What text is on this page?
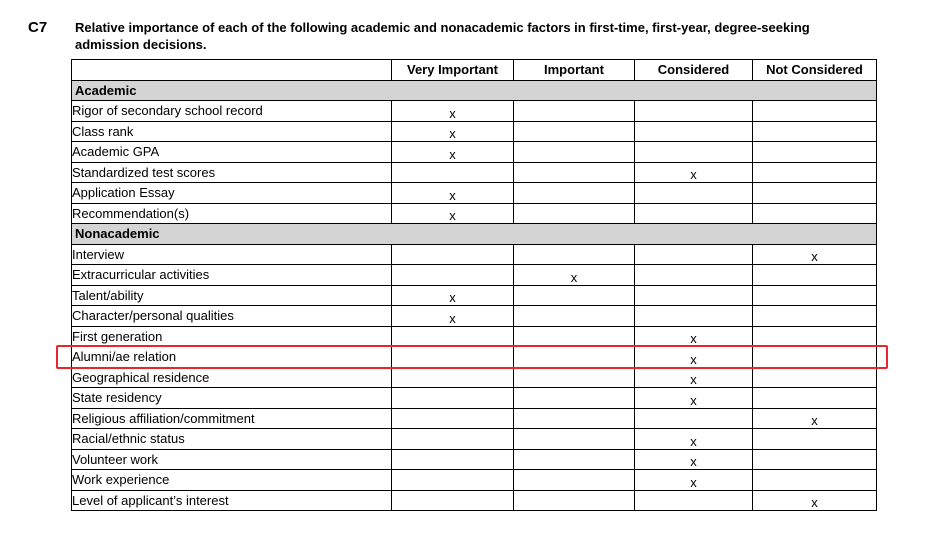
C7 Relative importance of each of the following academic and nonacademic factors in first-time, first-year, degree-seeking admission decisions.
	Very Important	Important	Considered	Not Considered
Academic				
Rigor of secondary school record	x			
Class rank	x			
Academic GPA	x			
Standardized test scores			x	
Application Essay	x			
Recommendation(s)	x			
Nonacademic				
Interview				x
Extracurricular activities		x		
Talent/ability	x			
Character/personal qualities	x			
First generation			x	
Alumni/ae relation			x	
Geographical residence			x	
State residency			x	
Religious affiliation/commitment				x
Racial/ethnic status			x	
Volunteer work			x	
Work experience			x	
Level of applicant’s interest				x
